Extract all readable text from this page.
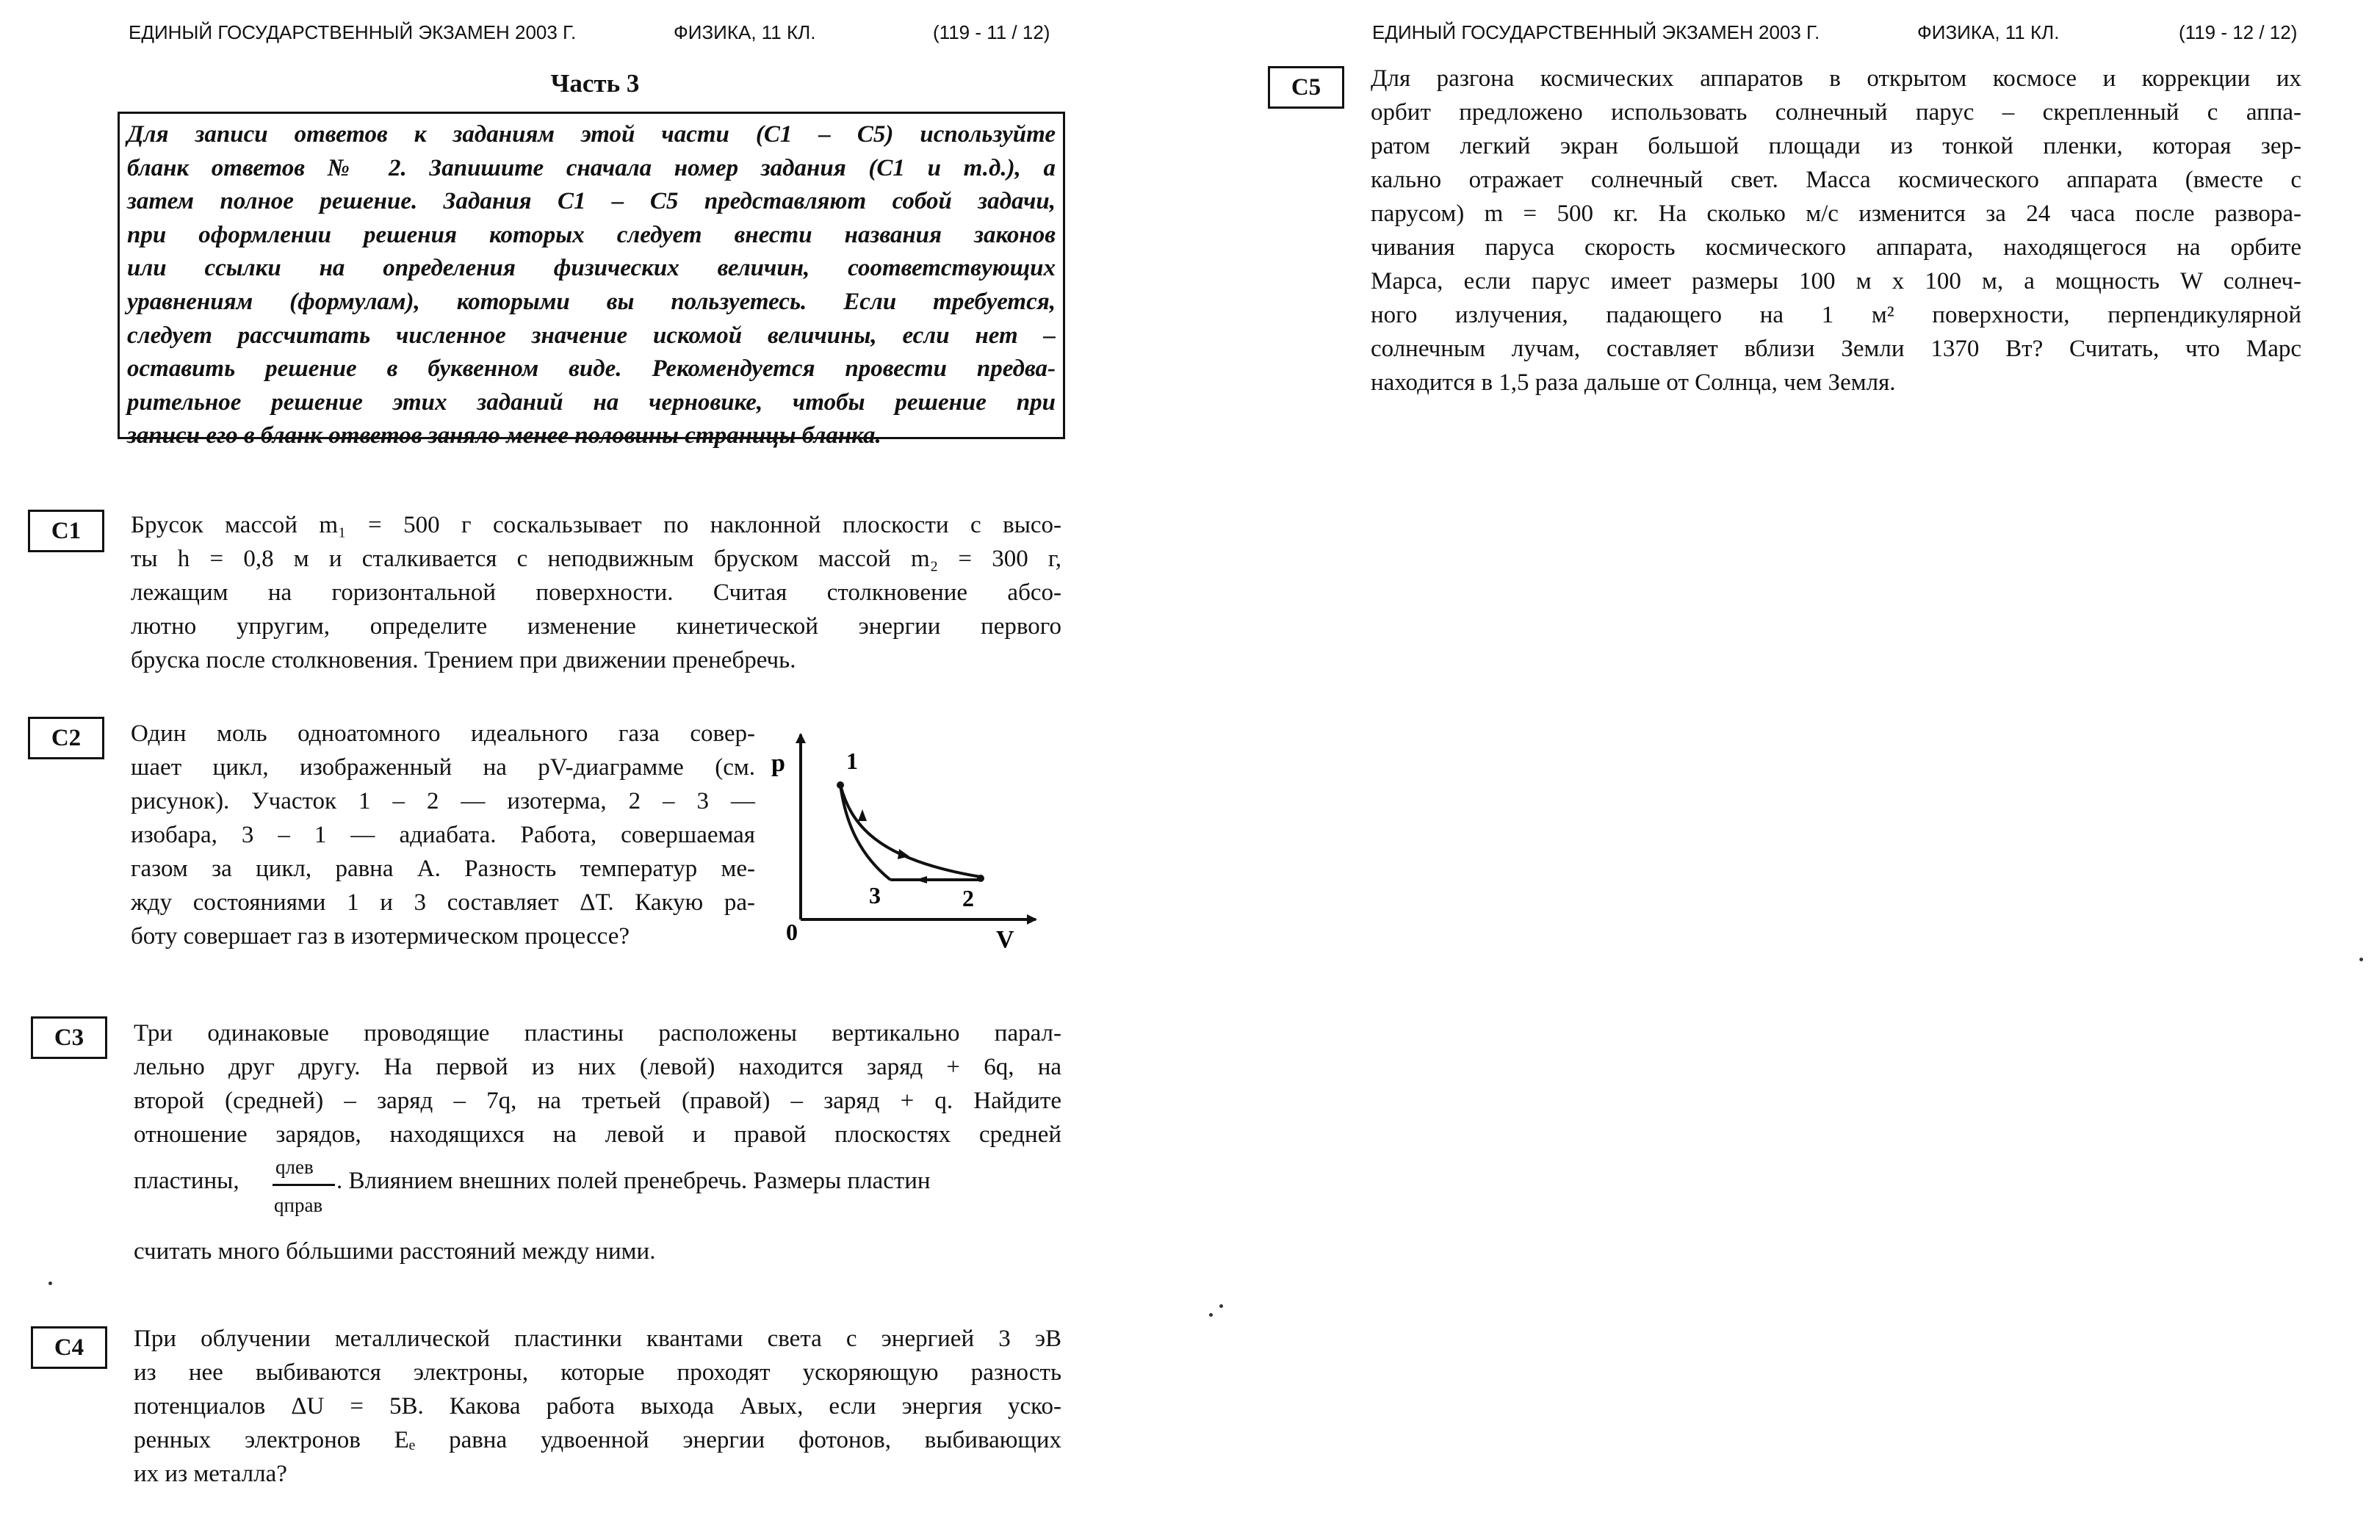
ЕДИНЫЙ ГОСУДАРСТВЕННЫЙ ЭКЗАМЕН 2003 Г.	ФИЗИКА, 11 КЛ.	(119 - 11 / 12)	ЕДИНЫЙ ГОСУДАРСТВЕННЫЙ ЭКЗАМЕН 2003 Г.	ФИЗИКА, 11 КЛ.	(119 - 12 / 12)
Часть 3

Для записи ответов к заданиям этой части (С1 – С5) используйте

бланк ответов № 2. Запишите сначала номер задания (С1 и т.д.), а

затем полное решение. Задания С1 – С5 представляют собой задачи,

при оформлении решения которых следует внести названия законов

или ссылки на определения физических величин, соответствующих

уравнениям (формулам), которыми вы пользуетесь. Если требуется,

следует рассчитать численное значение искомой величины, если нет –

оставить решение в буквенном виде. Рекомендуется провести предва-

рительное решение этих заданий на черновике, чтобы решение при

записи его в бланк ответов заняло менее половины страницы бланка.

С1	Брусок массой m₁ = 500 г соскальзывает по наклонной плоскости с высо-
ты h = 0,8 м и сталкивается с неподвижным бруском массой m₂ = 300 г,
лежащим на горизонтальной поверхности. Считая столкновение абсо-
лютно упругим, определите изменение кинетической энергии первого
бруска после столкновения. Трением при движении пренебречь.
С2	Один моль одноатомного идеального газа совер-
шает цикл, изображенный на pV-диаграмме (см.
рисунок). Участок 1 – 2 — изотерма, 2 – 3 —
изобара, 3 – 1 — адиабата. Работа, совершаемая
газом за цикл, равна А. Разность температур ме-
жду состояниями 1 и 3 составляет ΔТ. Какую ра-
боту совершает газ в изотермическом процессе?
p
V
0
1
2
3
С3	Три одинаковые проводящие пластины расположены вертикально парал-
лельно друг другу. На первой из них (левой) находится заряд + 6q, на
второй (средней) – заряд – 7q, на третьей (правой) – заряд + q. Найдите
отношение зарядов, находящихся на левой и правой плоскостях средней
пластины,
qлев
qправ
. Влиянием внешних полей пренебречь. Размеры пластин
считать много бóльшими расстояний между ними.
С4	При облучении металлической пластинки квантами света с энергией 3 эВ
из нее выбиваются электроны, которые проходят ускоряющую разность
потенциалов ΔU = 5В. Какова работа выхода Aвых, если энергия уско-
ренных электронов Eₑ равна удвоенной энергии фотонов, выбивающих
их из металла?
С5	Для разгона космических аппаратов в открытом космосе и коррекции их
орбит предложено использовать солнечный парус – скрепленный с аппа-
ратом легкий экран большой площади из тонкой пленки, которая зер-
кально отражает солнечный свет. Масса космического аппарата (вместе с
парусом) m = 500 кг. На сколько м/с изменится за 24 часа после развора-
чивания паруса скорость космического аппарата, находящегося на орбите
Марса, если парус имеет размеры 100 м х 100 м, а мощность W солнеч-
ного излучения, падающего на 1 м² поверхности, перпендикулярной
солнечным лучам, составляет вблизи Земли 1370 Вт? Считать, что Марс
находится в 1,5 раза дальше от Солнца, чем Земля.
